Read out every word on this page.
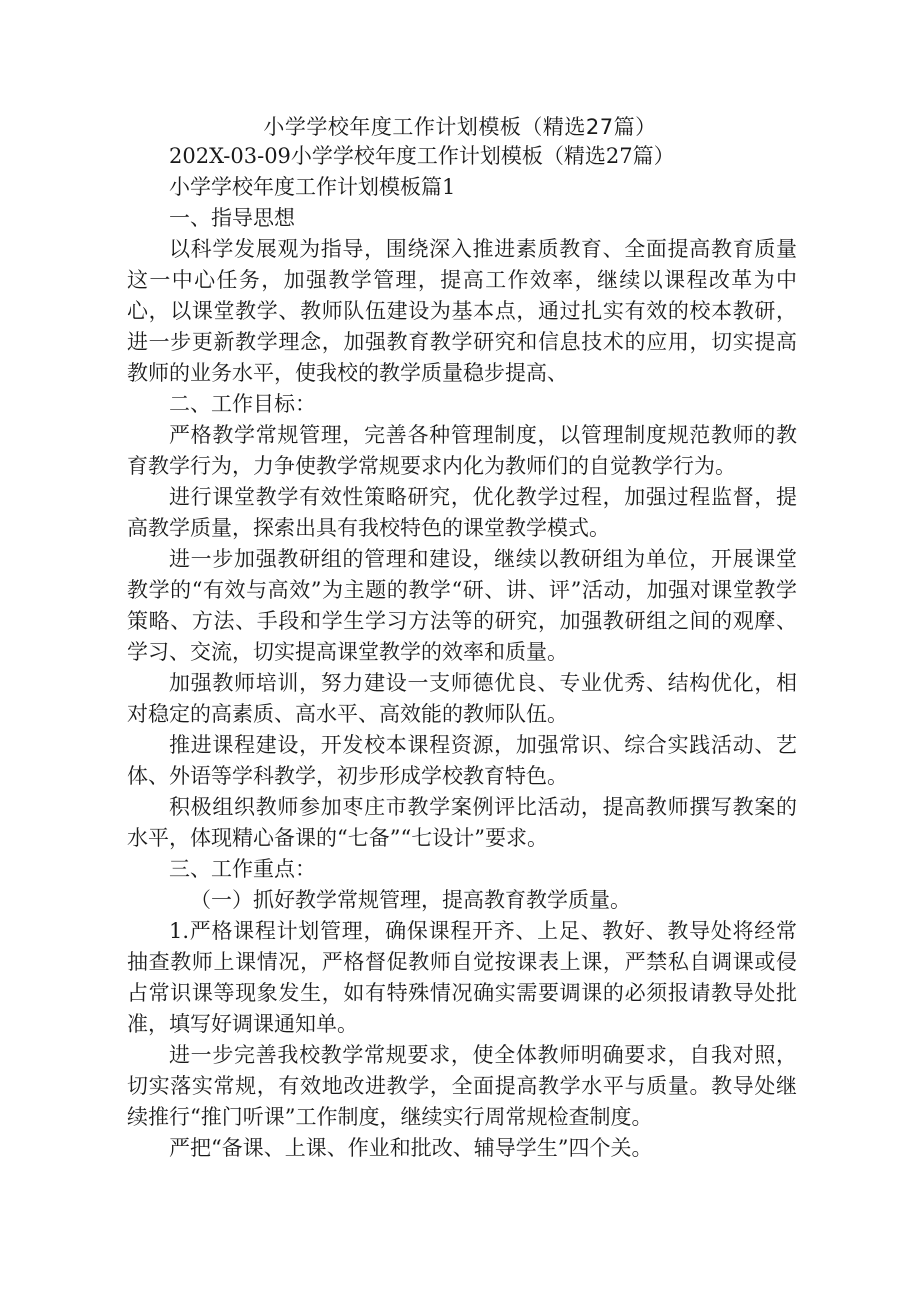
小学学校年度工作计划模板（精选27篇）

202X-03-09小学学校年度工作计划模板（精选27篇）

小学学校年度工作计划模板篇1

一、指导思想

以科学发展观为指导，围绕深入推进素质教育、全面提高教育质量这一中心任务，加强教学管理，提高工作效率，继续以课程改革为中心，以课堂教学、教师队伍建设为基本点，通过扎实有效的校本教研，进一步更新教学理念，加强教育教学研究和信息技术的应用，切实提高教师的业务水平，使我校的教学质量稳步提高、

二、工作目标：

严格教学常规管理，完善各种管理制度，以管理制度规范教师的教育教学行为，力争使教学常规要求内化为教师们的自觉教学行为。

进行课堂教学有效性策略研究，优化教学过程，加强过程监督，提高教学质量，探索出具有我校特色的课堂教学模式。

进一步加强教研组的管理和建设，继续以教研组为单位，开展课堂教学的“有效与高效”为主题的教学“研、讲、评”活动，加强对课堂教学策略、方法、手段和学生学习方法等的研究，加强教研组之间的观摩、学习、交流，切实提高课堂教学的效率和质量。

加强教师培训，努力建设一支师德优良、专业优秀、结构优化，相对稳定的高素质、高水平、高效能的教师队伍。

推进课程建设，开发校本课程资源，加强常识、综合实践活动、艺体、外语等学科教学，初步形成学校教育特色。

积极组织教师参加枣庄市教学案例评比活动，提高教师撰写教案的水平，体现精心备课的“七备”“七设计”要求。

三、工作重点：

（一）抓好教学常规管理，提高教育教学质量。

1.严格课程计划管理，确保课程开齐、上足、教好、教导处将经常抽查教师上课情况，严格督促教师自觉按课表上课，严禁私自调课或侵占常识课等现象发生，如有特殊情况确实需要调课的必须报请教导处批准，填写好调课通知单。

进一步完善我校教学常规要求，使全体教师明确要求，自我对照，切实落实常规，有效地改进教学，全面提高教学水平与质量。教导处继续推行“推门听课”工作制度，继续实行周常规检查制度。

严把“备课、上课、作业和批改、辅导学生”四个关。
